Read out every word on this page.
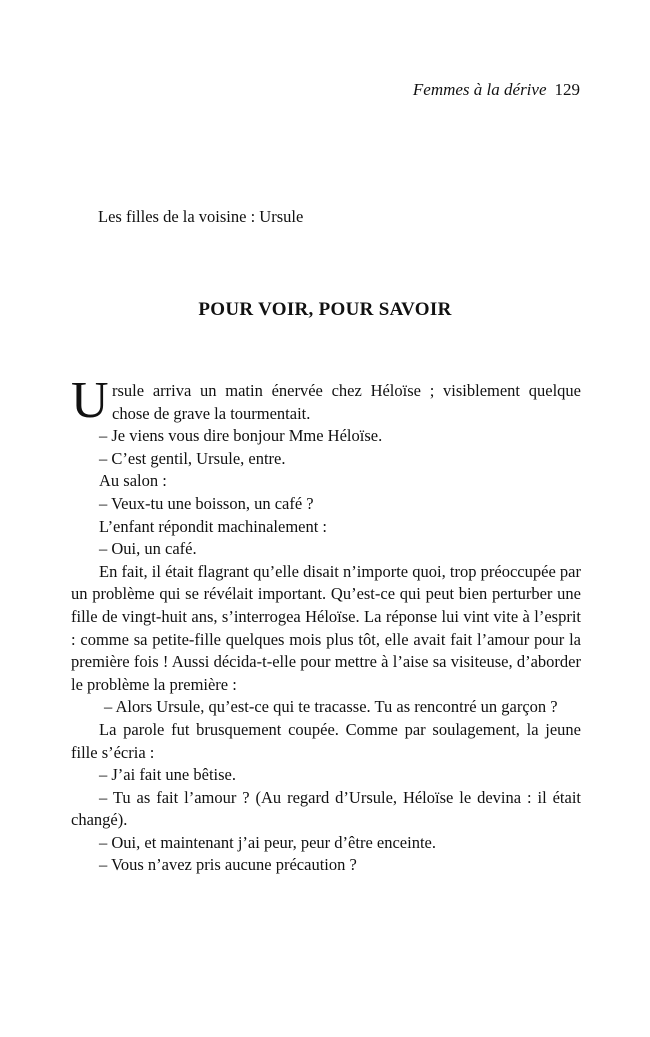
Femmes à la dérive 129
Les filles de la voisine : Ursule
POUR VOIR, POUR SAVOIR

U rsule arriva un matin énervée chez Héloïse ; visiblement quelque chose de grave la tourmentait.

– Je viens vous dire bonjour Mme Héloïse.

– C’est gentil, Ursule, entre.

Au salon :

– Veux-tu une boisson, un café ?

L’enfant répondit machinalement :

– Oui, un café.

En fait, il était flagrant qu’elle disait n’importe quoi, trop préoccupée par un problème qui se révélait important. Qu’est-ce qui peut bien perturber une fille de vingt-huit ans, s’interrogea Héloïse. La réponse lui vint vite à l’esprit : comme sa petite-fille quelques mois plus tôt, elle avait fait l’amour pour la première fois ! Aussi décida-t-elle pour mettre à l’aise sa visiteuse, d’aborder le problème la première :

– Alors Ursule, qu’est-ce qui te tracasse. Tu as rencontré un garçon ?

La parole fut brusquement coupée. Comme par soulagement, la jeune fille s’écria :

– J’ai fait une bêtise.

– Tu as fait l’amour ? (Au regard d’Ursule, Héloïse le devina : il était changé).

– Oui, et maintenant j’ai peur, peur d’être enceinte.

– Vous n’avez pris aucune précaution ?
